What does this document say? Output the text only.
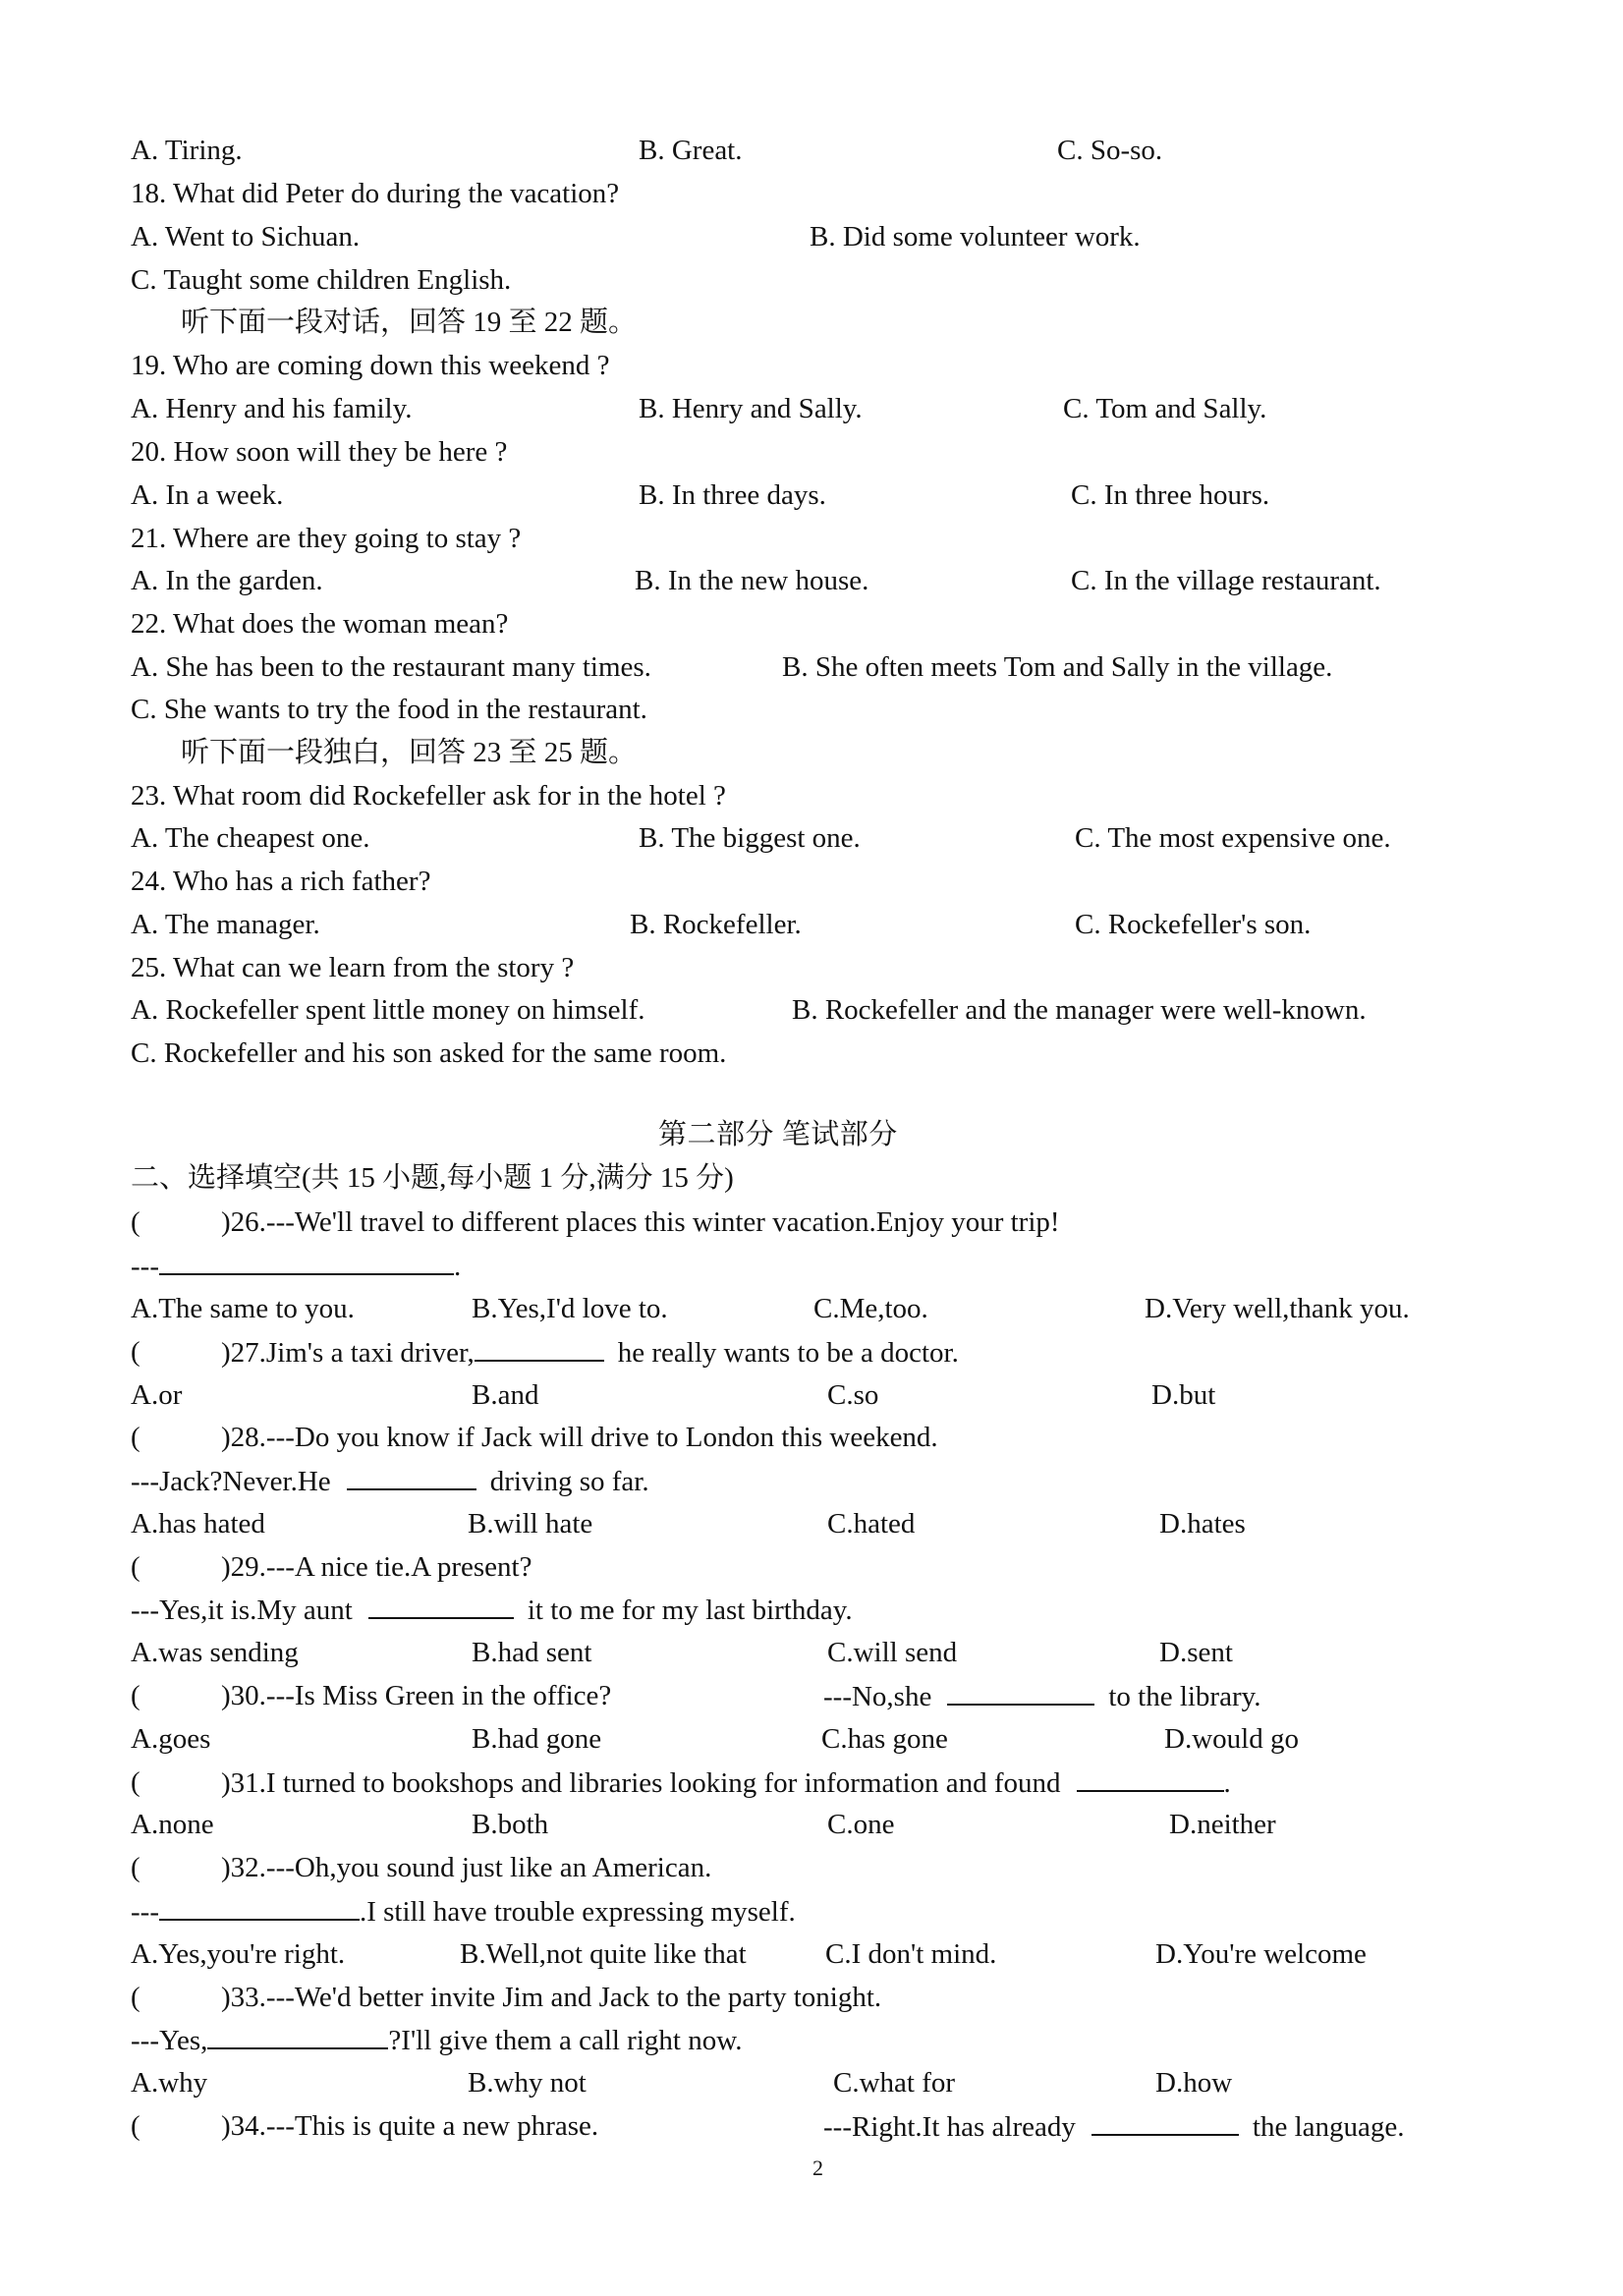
A. Tiring.	B. Great.	C. So-so.
18. What did Peter do during the vacation?
A. Went to Sichuan.	B. Did some volunteer work.
C. Taught some children English.
听下面一段对话，回答 19 至 22 题。
19. Who are coming down this weekend ?
A. Henry and his family.	B. Henry and Sally.	C. Tom and Sally.
20. How soon will they be here ?
A. In a week.	B. In three days.	C. In three hours.
21. Where are they going to stay ?
A. In the garden.	B. In the new house.	C. In the village restaurant.
22. What does the woman mean?
A. She has been to the restaurant many times.	B. She often meets Tom and Sally in the village.
C. She wants to try the food in the restaurant.
听下面一段独白，回答 23 至 25 题。
23. What room did Rockefeller ask for in the hotel ?
A. The cheapest one.	B. The biggest one.	C. The most expensive one.
24. Who has a rich father?
A. The manager.	B. Rockefeller.	C. Rockefeller's son.
25. What can we learn from the story ?
A. Rockefeller spent little money on himself.	B. Rockefeller and the manager were well-known.
C. Rockefeller and his son asked for the same room.
第二部分 笔试部分
二、选择填空(共 15 小题,每小题 1 分,满分 15 分)
(	)26.---We'll travel to different places this winter vacation.Enjoy your trip!
---	.
A.The same to you.	B.Yes,I'd love to.	C.Me,too.	D.Very well,thank you.
(	)27.Jim's a taxi driver,	he really wants to be a doctor.
A.or	B.and	C.so	D.but
(	)28.---Do you know if Jack will drive to London this weekend.
---Jack?Never.He	driving so far.
A.has hated	B.will hate	C.hated	D.hates
(	)29.---A nice tie.A present?
---Yes,it is.My aunt	it to me for my last birthday.
A.was sending	B.had sent	C.will send	D.sent
(	)30.---Is Miss Green in the office?	---No,she	to the library.
A.goes	B.had gone	C.has gone	D.would go
(	)31.I turned to bookshops and libraries looking for information and found	.
A.none	B.both	C.one	D.neither
(	)32.---Oh,you sound just like an American.
---	.I still have trouble expressing myself.
A.Yes,you're right.	B.Well,not quite like that	C.I don't mind.	D.You're welcome
(	)33.---We'd better invite Jim and Jack to the party tonight.
---Yes,	?I'll give them a call right now.
A.why	B.why not	C.what for	D.how
(	)34.---This is quite a new phrase.	---Right.It has already	the language.
2
